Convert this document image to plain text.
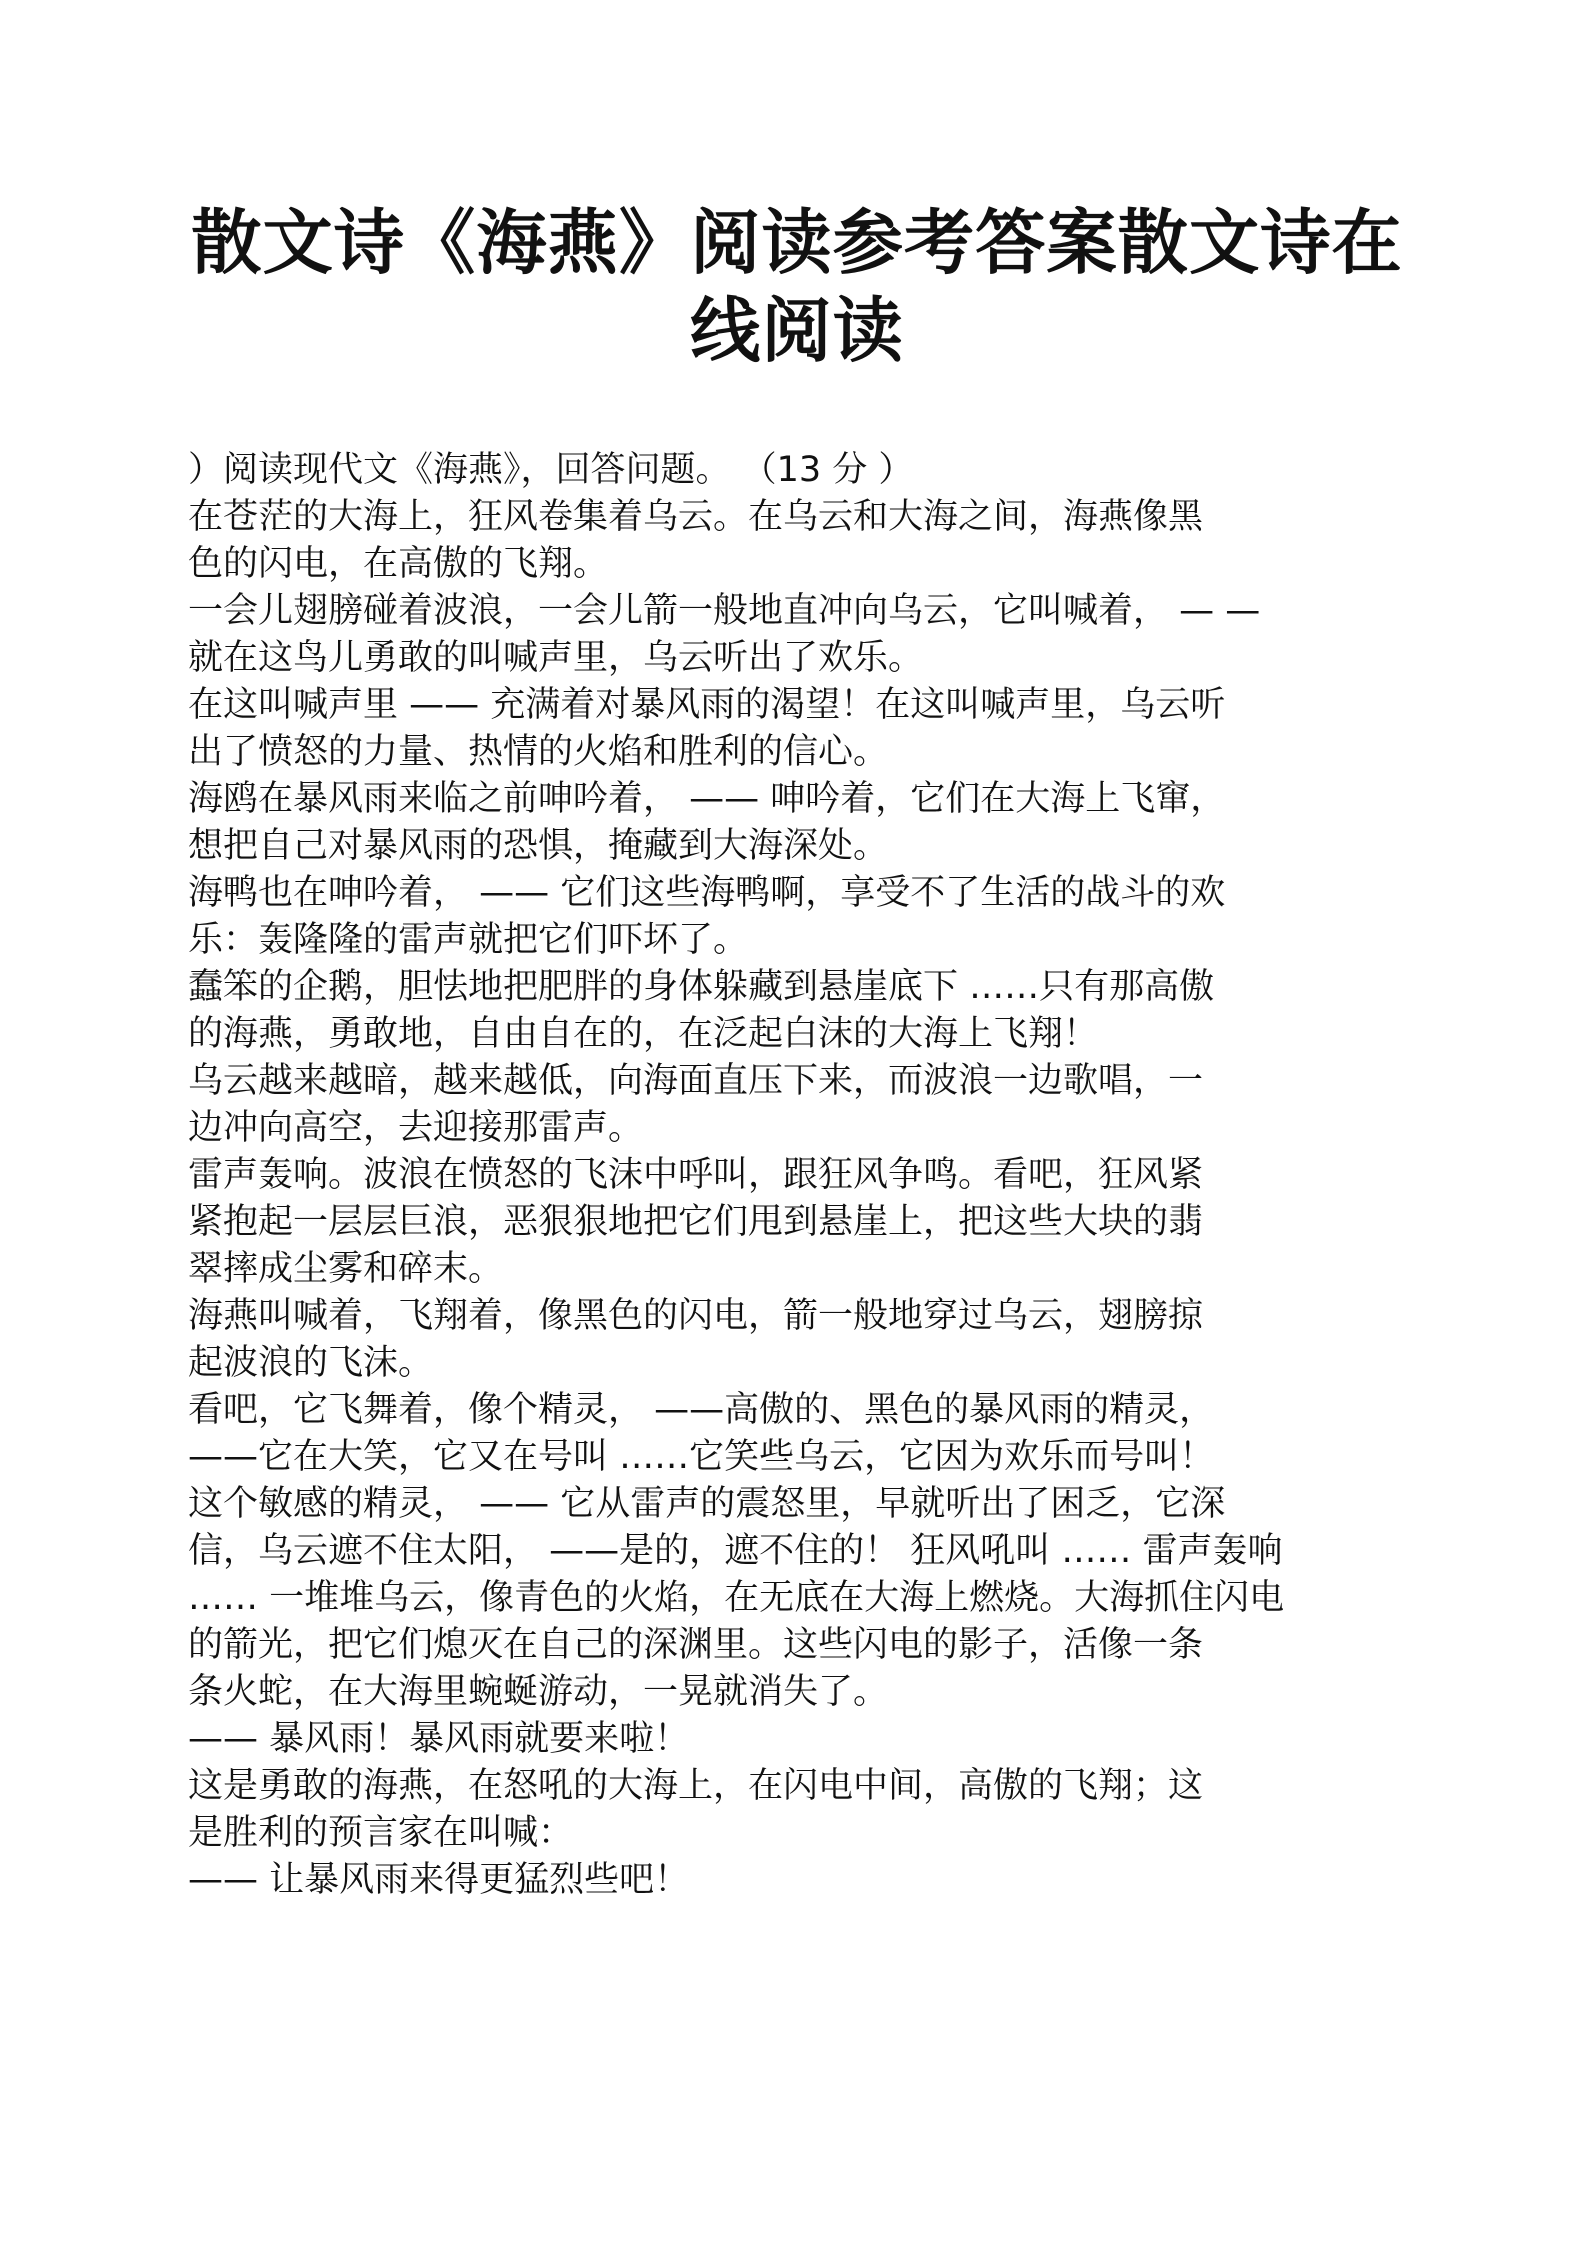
散文诗《海燕》阅读参考答案散文诗在
线阅读
）阅读现代文《海燕》，回答问题。 （13 分 ）
在苍茫的大海上，狂风卷集着乌云。在乌云和大海之间，海燕像黑
色的闪电，在高傲的飞翔。
一会儿翅膀碰着波浪，一会儿箭一般地直冲向乌云，它叫喊着， — —
就在这鸟儿勇敢的叫喊声里，乌云听出了欢乐。
在这叫喊声里 —— 充满着对暴风雨的渴望！在这叫喊声里，乌云听
出了愤怒的力量、热情的火焰和胜利的信心。
海鸥在暴风雨来临之前呻吟着， —— 呻吟着，它们在大海上飞窜，
想把自己对暴风雨的恐惧，掩藏到大海深处。
海鸭也在呻吟着， —— 它们这些海鸭啊，享受不了生活的战斗的欢
乐：轰隆隆的雷声就把它们吓坏了。
蠢笨的企鹅，胆怯地把肥胖的身体躲藏到悬崖底下 ……只有那高傲
的海燕，勇敢地，自由自在的，在泛起白沫的大海上飞翔！
乌云越来越暗，越来越低，向海面直压下来，而波浪一边歌唱，一
边冲向高空，去迎接那雷声。
雷声轰响。波浪在愤怒的飞沫中呼叫，跟狂风争鸣。看吧，狂风紧
紧抱起一层层巨浪，恶狠狠地把它们甩到悬崖上，把这些大块的翡
翠摔成尘雾和碎末。
海燕叫喊着，飞翔着，像黑色的闪电，箭一般地穿过乌云，翅膀掠
起波浪的飞沫。
看吧，它飞舞着，像个精灵， ——高傲的、黑色的暴风雨的精灵，
——它在大笑，它又在号叫 ……它笑些乌云，它因为欢乐而号叫！
这个敏感的精灵， —— 它从雷声的震怒里，早就听出了困乏，它深
信，乌云遮不住太阳， ——是的，遮不住的！ 狂风吼叫 …… 雷声轰响
…… 一堆堆乌云，像青色的火焰，在无底在大海上燃烧。大海抓住闪电
的箭光，把它们熄灭在自己的深渊里。这些闪电的影子，活像一条
条火蛇，在大海里蜿蜒游动，一晃就消失了。
—— 暴风雨！暴风雨就要来啦！
这是勇敢的海燕，在怒吼的大海上，在闪电中间，高傲的飞翔；这
是胜利的预言家在叫喊：
—— 让暴风雨来得更猛烈些吧！
